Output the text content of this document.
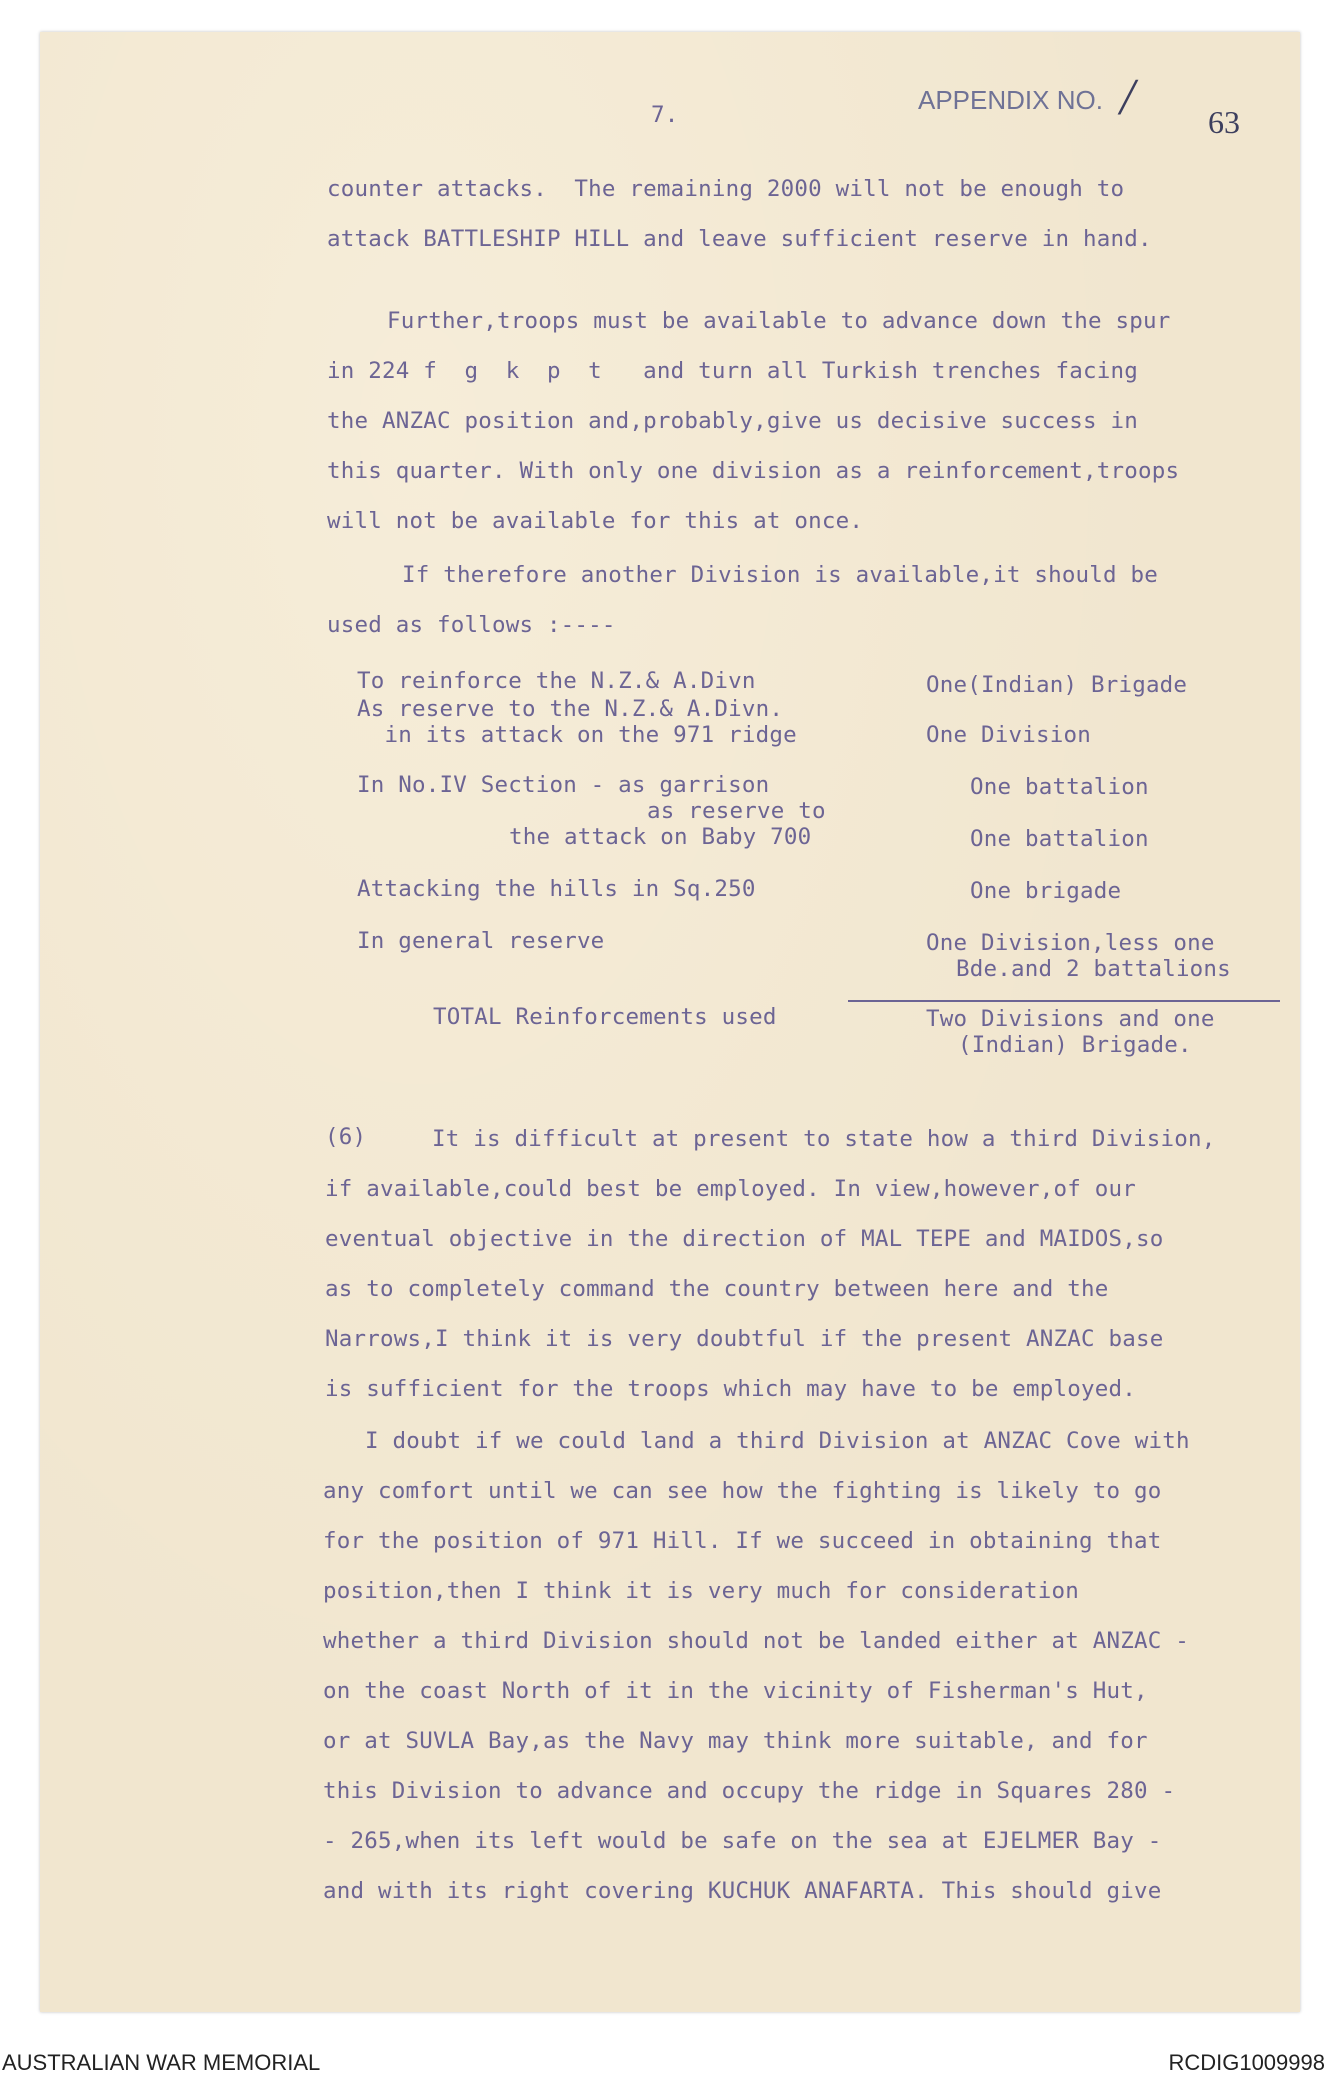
7.	APPENDIX NO. / 63
counter attacks.  The remaining 2000 will not be enough to
attack BATTLESHIP HILL and leave sufficient reserve in hand.
Further,troops must be available to advance down the spur
in 224 f  g  k  p  t   and turn all Turkish trenches facing
the ANZAC position and,probably,give us decisive success in
this quarter. With only one division as a reinforcement,troops
will not be available for this at once.
If therefore another Division is available,it should be
used as follows :----
To reinforce the N.Z.& A.Divn	One(Indian) Brigade
As reserve to the N.Z.& A.Divn.
in its attack on the 971 ridge	One Division
In No.IV Section - as garrison	One battalion
as reserve to
the attack on Baby 700	One battalion
Attacking the hills in Sq.250	One brigade
In general reserve	One Division,less one
Bde.and 2 battalions
TOTAL Reinforcements used	Two Divisions and one
(Indian) Brigade.
(6)	It is difficult at present to state how a third Division,
if available,could best be employed. In view,however,of our
eventual objective in the direction of MAL TEPE and MAIDOS,so
as to completely command the country between here and the
Narrows,I think it is very doubtful if the present ANZAC base
is sufficient for the troops which may have to be employed.
I doubt if we could land a third Division at ANZAC Cove with
any comfort until we can see how the fighting is likely to go
for the position of 971 Hill. If we succeed in obtaining that
position,then I think it is very much for consideration
whether a third Division should not be landed either at ANZAC -
on the coast North of it in the vicinity of Fisherman's Hut,
or at SUVLA Bay,as the Navy may think more suitable, and for
this Division to advance and occupy the ridge in Squares 280 -
- 265,when its left would be safe on the sea at EJELMER Bay -
and with its right covering KUCHUK ANAFARTA. This should give
AUSTRALIAN WAR MEMORIAL	RCDIG1009998
